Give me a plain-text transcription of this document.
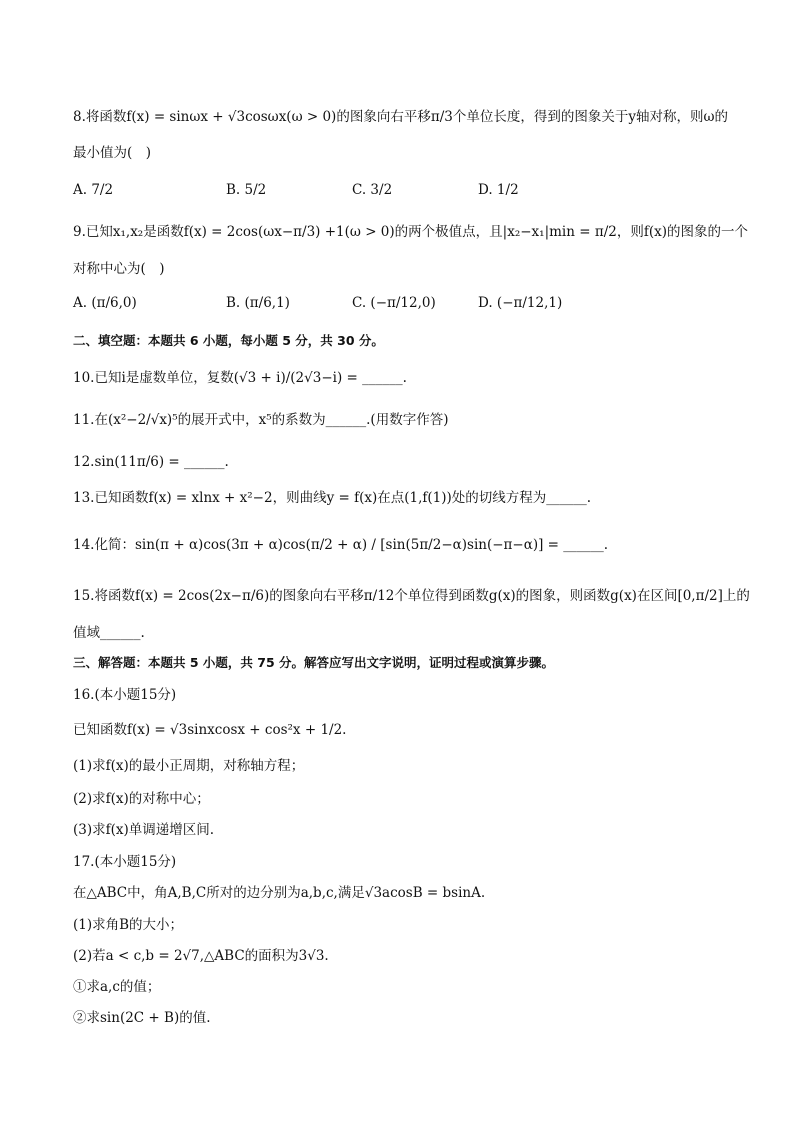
8.将函数f(x) = sinωx + √3cosωx(ω > 0)的图象向右平移π/3个单位长度，得到的图象关于y轴对称，则ω的
最小值为(　)
A. 7/2	B. 5/2	C. 3/2	D. 1/2
9.已知x₁,x₂是函数f(x) = 2cos(ωx−π/3) +1(ω > 0)的两个极值点，且|x₂−x₁|min = π/2，则f(x)的图象的一个
对称中心为(　)
A. (π/6,0)	B. (π/6,1)	C. (−π/12,0)	D. (−π/12,1)
二、填空题：本题共 6 小题，每小题 5 分，共 30 分。
10.已知i是虚数单位，复数(√3 + i)/(2√3−i) = ______.
11.在(x²−2/√x)⁵的展开式中，x⁵的系数为______.(用数字作答)
12.sin(11π/6) = ______.
13.已知函数f(x) = xlnx + x²−2，则曲线y = f(x)在点(1,f(1))处的切线方程为______.
14.化简：sin(π + α)cos(3π + α)cos(π/2 + α) / [sin(5π/2−α)sin(−π−α)] = ______.
15.将函数f(x) = 2cos(2x−π/6)的图象向右平移π/12个单位得到函数g(x)的图象，则函数g(x)在区间[0,π/2]上的
值域______.
三、解答题：本题共 5 小题，共 75 分。解答应写出文字说明，证明过程或演算步骤。
16.(本小题15分)
已知函数f(x) = √3sinxcosx + cos²x + 1/2.
(1)求f(x)的最小正周期，对称轴方程；
(2)求f(x)的对称中心；
(3)求f(x)单调递增区间.
17.(本小题15分)
在△ABC中，角A,B,C所对的边分别为a,b,c,满足√3acosB = bsinA.
(1)求角B的大小；
(2)若a < c,b = 2√7,△ABC的面积为3√3.
①求a,c的值；
②求sin(2C + B)的值.
